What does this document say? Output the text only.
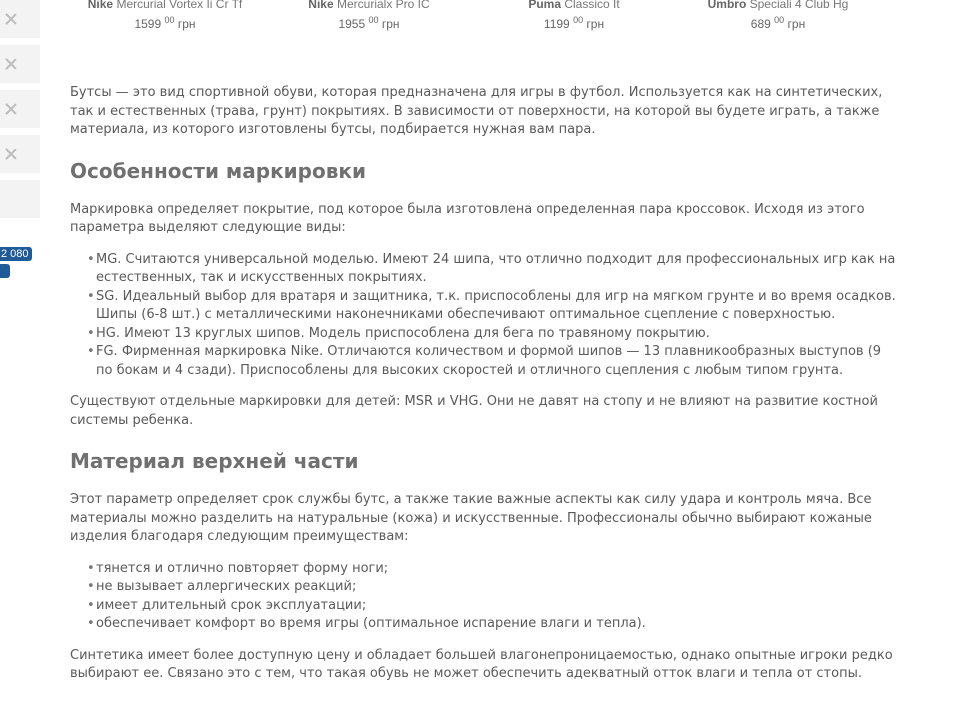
2 080
Nike Mercurial Vortex Ii Cr Tf
1599 $^{00}$ грн
Nike Mercurialx Pro IC
1955 $^{00}$ грн
Puma Classico It
1199 $^{00}$ грн
Umbro Speciali 4 Club Hg
689 $^{00}$ грн

Бутсы — это вид спортивной обуви, которая предназначена для игры в футбол. Используется как на синтетических, так и естественных (трава, грунт) покрытиях. В зависимости от поверхности, на которой вы будете играть, а также материала, из которого изготовлены бутсы, подбирается нужная вам пара.

Особенности маркировки

Маркировка определяет покрытие, под которое была изготовлена определенная пара кроссовок. Исходя из этого параметра выделяют следующие виды:

• MG. Считаются универсальной моделью. Имеют 24 шипа, что отлично подходит для профессиональных игр как на естественных, так и искусственных покрытиях.
• SG. Идеальный выбор для вратаря и защитника, т.к. приспособлены для игр на мягком грунте и во время осадков. Шипы (6-8 шт.) с металлическими наконечниками обеспечивают оптимальное сцепление с поверхностью.
• HG. Имеют 13 круглых шипов. Модель приспособлена для бега по травяному покрытию.
• FG. Фирменная маркировка Nike. Отличаются количеством и формой шипов — 13 плавникообразных выступов (9 по бокам и 4 сзади). Приспособлены для высоких скоростей и отличного сцепления с любым типом грунта.

Существуют отдельные маркировки для детей: MSR и VHG. Они не давят на стопу и не влияют на развитие костной системы ребенка.

Материал верхней части

Этот параметр определяет срок службы бутс, а также такие важные аспекты как силу удара и контроль мяча. Все материалы можно разделить на натуральные (кожа) и искусственные. Профессионалы обычно выбирают кожаные изделия благодаря следующим преимуществам:

• тянется и отлично повторяет форму ноги;
• не вызывает аллергических реакций;
• имеет длительный срок эксплуатации;
• обеспечивает комфорт во время игры (оптимальное испарение влаги и тепла).

Синтетика имеет более доступную цену и обладает большей влагонепроницаемостью, однако опытные игроки редко выбирают ее. Связано это с тем, что такая обувь не может обеспечить адекватный отток влаги и тепла от стопы.
